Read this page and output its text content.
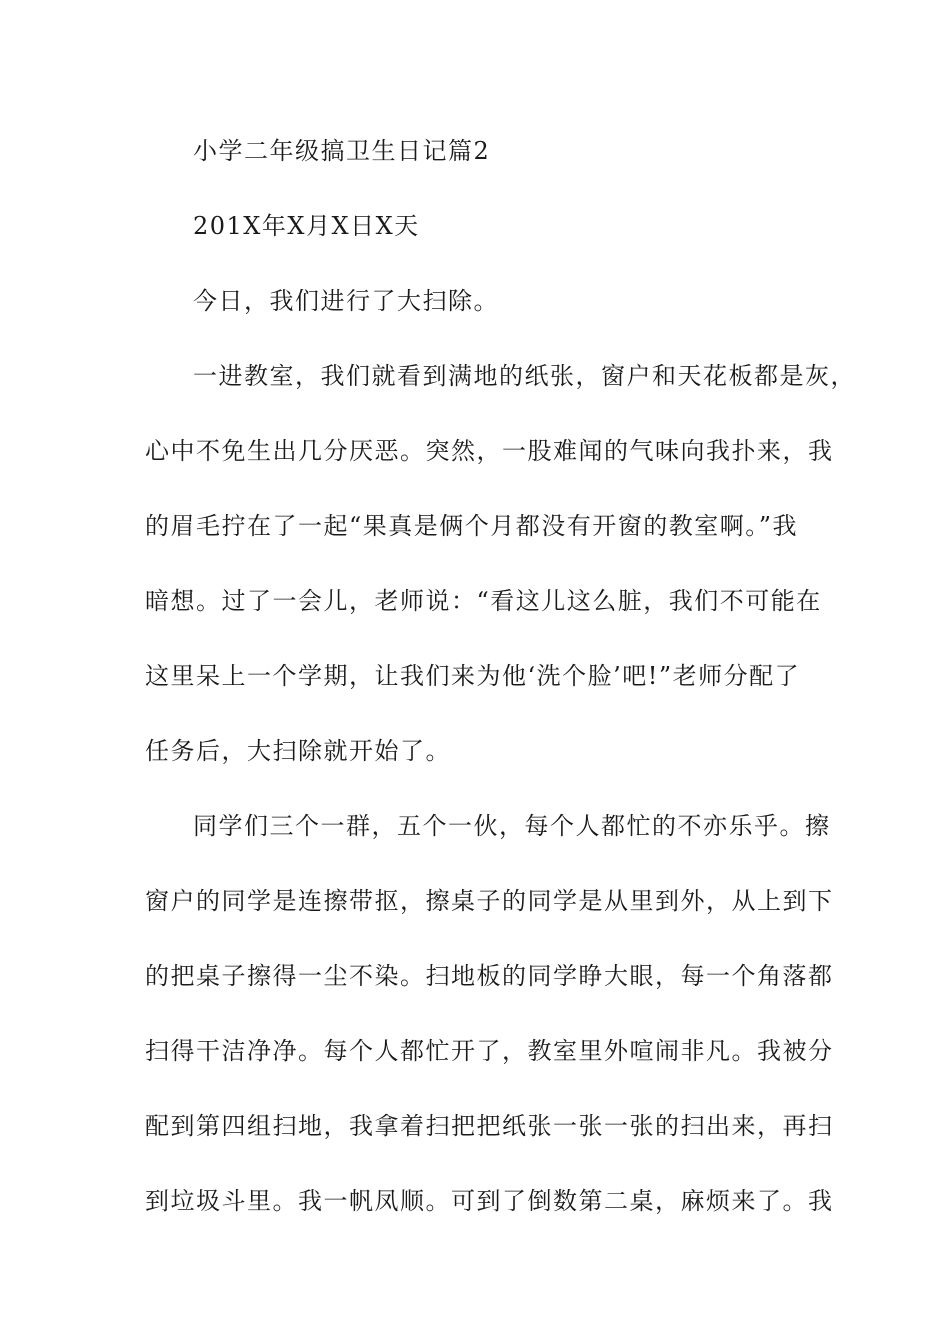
小学二年级搞卫生日记篇2
201X年X月X日X天
今日，我们进行了大扫除。
一进教室，我们就看到满地的纸张，窗户和天花板都是灰，
心中不免生出几分厌恶。突然，一股难闻的气味向我扑来，我
的眉毛拧在了一起“果真是俩个月都没有开窗的教室啊。”我
暗想。过了一会儿，老师说：“看这儿这么脏，我们不可能在
这里呆上一个学期，让我们来为他‘洗个脸’吧!”老师分配了
任务后，大扫除就开始了。
同学们三个一群，五个一伙，每个人都忙的不亦乐乎。擦
窗户的同学是连擦带抠，擦桌子的同学是从里到外，从上到下
的把桌子擦得一尘不染。扫地板的同学睁大眼，每一个角落都
扫得干洁净净。每个人都忙开了，教室里外喧闹非凡。我被分
配到第四组扫地，我拿着扫把把纸张一张一张的扫出来，再扫
到垃圾斗里。我一帆凤顺。可到了倒数第二桌，麻烦来了。我
